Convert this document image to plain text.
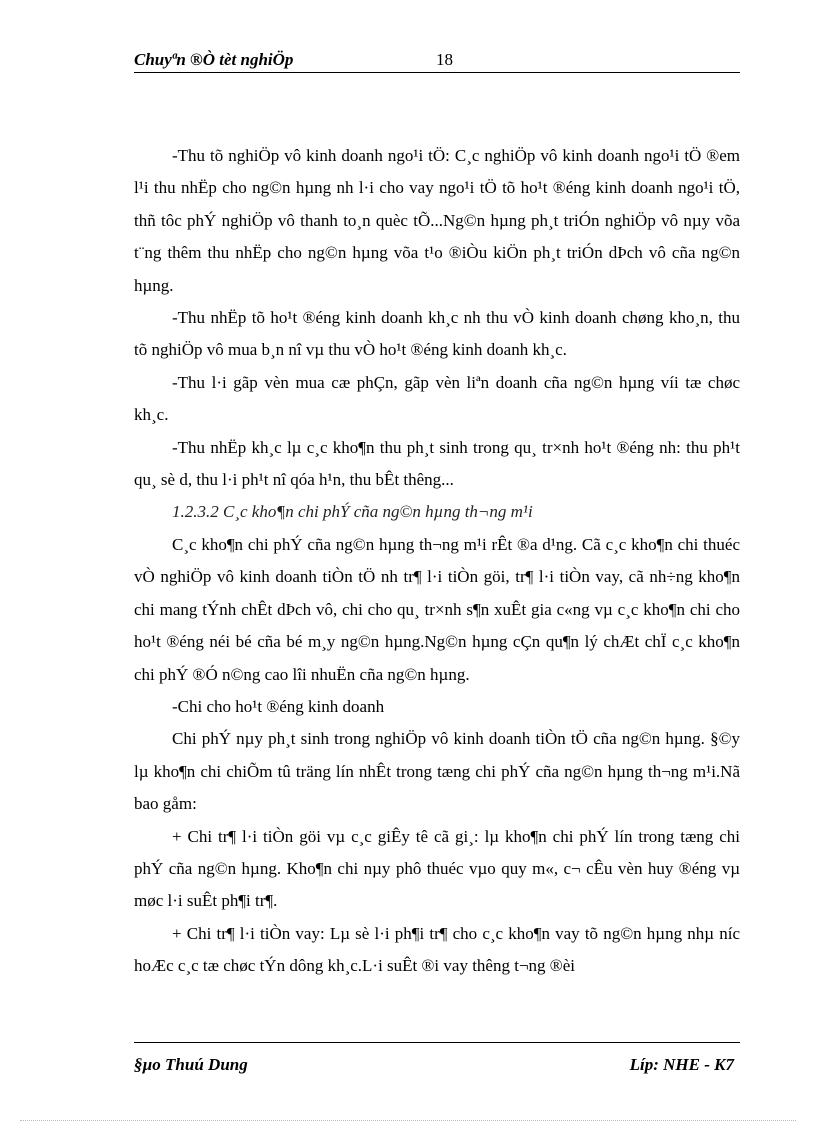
Chuyªn ®Ò tèt nghiÖp	18

-Thu tõ nghiÖp vô kinh doanh ngo¹i tÖ: C¸c nghiÖp vô kinh doanh ngo¹i tÖ ®em l¹i thu nhËp cho ng©n hµng nh l·i cho vay ngo¹i tÖ tõ ho¹t ®éng kinh doanh ngo¹i tÖ, thñ tôc phÝ nghiÖp vô thanh to¸n quèc tÕ...Ng©n hµng ph¸t triÓn nghiÖp vô nµy võa t¨ng thêm thu nhËp cho ng©n hµng võa t¹o ®iÒu kiÖn ph¸t triÓn dÞch vô cña ng©n hµng.

-Thu nhËp tõ ho¹t ®éng kinh doanh kh¸c nh thu vÒ kinh doanh chøng kho¸n, thu tõ nghiÖp vô mua b¸n nî vµ thu vÒ ho¹t ®éng kinh doanh kh¸c.

-Thu l·i gãp vèn mua cæ phÇn, gãp vèn liªn doanh cña ng©n hµng víi tæ chøc kh¸c.

-Thu nhËp kh¸c lµ c¸c kho¶n thu ph¸t sinh trong qu¸ tr×nh ho¹t ®éng nh: thu ph¹t qu¸ sè d, thu l·i ph¹t nî qóa h¹n, thu bÊt thêng...

1.2.3.2 C¸c kho¶n chi phÝ cña ng©n hµng th¬ng m¹i

C¸c kho¶n chi phÝ cña ng©n hµng th¬ng m¹i rÊt ®a d¹ng. Cã c¸c kho¶n chi thuéc vÒ nghiÖp vô kinh doanh tiÒn tÖ nh tr¶ l·i tiÒn göi, tr¶ l·i tiÒn vay, cã nh÷ng kho¶n chi mang tÝnh chÊt dÞch vô, chi cho qu¸ tr×nh s¶n xuÊt gia c«ng vµ c¸c kho¶n chi cho ho¹t ®éng néi bé cña bé m¸y ng©n hµng.Ng©n hµng cÇn qu¶n lý chÆt chÏ c¸c kho¶n chi phÝ ®Ó n©ng cao lîi nhuËn cña ng©n hµng.

-Chi cho ho¹t ®éng kinh doanh

Chi phÝ nµy ph¸t sinh trong nghiÖp vô kinh doanh tiÒn tÖ cña ng©n hµng. §©y lµ kho¶n chi chiÕm tû träng lín nhÊt trong tæng chi phÝ cña ng©n hµng th¬ng m¹i.Nã bao gåm:

+ Chi tr¶ l·i tiÒn göi vµ c¸c giÊy tê cã gi¸: lµ kho¶n chi phÝ lín trong tæng chi phÝ cña ng©n hµng. Kho¶n chi nµy phô thuéc vµo quy m«, c¬ cÊu vèn huy ®éng vµ møc l·i suÊt ph¶i tr¶.

+ Chi tr¶ l·i tiÒn vay: Lµ sè l·i ph¶i tr¶ cho c¸c kho¶n vay tõ ng©n hµng nhµ níc hoÆc c¸c tæ chøc tÝn dông kh¸c.L·i suÊt ®i vay thêng t¬ng ®èi

§µo Thuú Dung	Líp: NHE - K7
